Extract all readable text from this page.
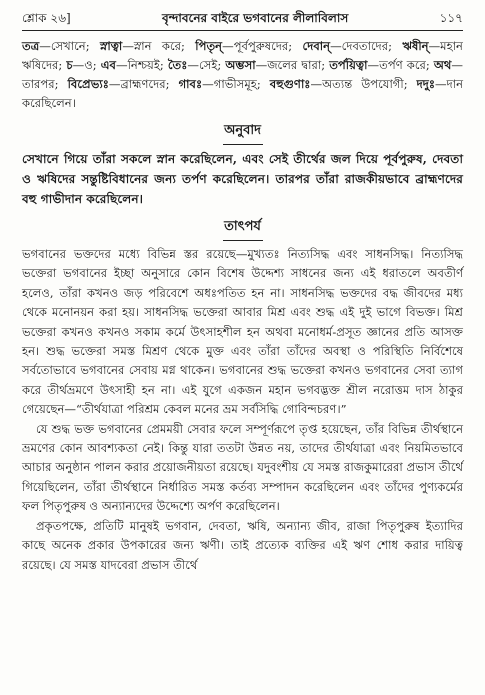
শ্লোক ২৬]	বৃন্দাবনের বাইরে ভগবানের লীলাবিলাস	১১৭

তত্র—সেখানে; স্নাত্বা—স্নান করে; পিতৃন্—পূর্বপুরুষদের; দেবান্—দেবতাদের; ঋষীন্—মহান ঋষিদের; চ—ও; এব—নিশ্চয়ই; তৈঃ—সেই; অম্ভসা—জলের দ্বারা; তর্পয়িত্বা—তর্পণ করে; অথ—তারপর; বিপ্রেভ্যঃ—ব্রাহ্মণদের; গাবঃ—গাভীসমূহ; বহুগুণাঃ—অত্যন্ত উপযোগী; দদুঃ—দান করেছিলেন।

অনুবাদ

সেখানে গিয়ে তাঁরা সকলে স্নান করেছিলেন, এবং সেই তীর্থের জল দিয়ে পূর্বপুরুষ, দেবতা ও ঋষিদের সন্তুষ্টিবিধানের জন্য তর্পণ করেছিলেন। তারপর তাঁরা রাজকীয়ভাবে ব্রাহ্মণদের বহু গাভীদান করেছিলেন।

তাৎপর্য

ভগবানের ভক্তদের মধ্যে বিভিন্ন স্তর রয়েছে—মুখ্যতঃ নিত্যসিদ্ধ এবং সাধনসিদ্ধ। নিত্যসিদ্ধ ভক্তেরা ভগবানের ইচ্ছা অনুসারে কোন বিশেষ উদ্দেশ্য সাধনের জন্য এই ধরাতলে অবতীর্ণ হলেও, তাঁরা কখনও জড় পরিবেশে অধঃপতিত হন না। সাধনসিদ্ধ ভক্তদের বদ্ধ জীবদের মধ্য থেকে মনোনয়ন করা হয়। সাধনসিদ্ধ ভক্তেরা আবার মিশ্র এবং শুদ্ধ এই দুই ভাগে বিভক্ত। মিশ্র ভক্তেরা কখনও কখনও সকাম কর্মে উৎসাহশীল হন অথবা মনোধর্ম-প্রসূত জ্ঞানের প্রতি আসক্ত হন। শুদ্ধ ভক্তেরা সমস্ত মিশ্রণ থেকে মুক্ত এবং তাঁরা তাঁদের অবস্থা ও পরিস্থিতি নির্বিশেষে সর্বতোভাবে ভগবানের সেবায় মগ্ন থাকেন। ভগবানের শুদ্ধ ভক্তেরা কখনও ভগবানের সেবা ত্যাগ করে তীর্থভ্রমণে উৎসাহী হন না। এই যুগে একজন মহান ভগবদ্ভক্ত শ্রীল নরোত্তম দাস ঠাকুর গেয়েছেন—“তীর্থযাত্রা পরিশ্রম কেবল মনের ভ্রম সর্বসিদ্ধি গোবিন্দচরণ।”

যে শুদ্ধ ভক্ত ভগবানের প্রেমময়ী সেবার ফলে সম্পূর্ণরূপে তৃপ্ত হয়েছেন, তাঁর বিভিন্ন তীর্থস্থানে ভ্রমণের কোন আবশ্যকতা নেই। কিন্তু যারা ততটা উন্নত নয়, তাদের তীর্থযাত্রা এবং নিয়মিতভাবে আচার অনুষ্ঠান পালন করার প্রয়োজনীয়তা রয়েছে। যদুবংশীয় যে সমস্ত রাজকুমারেরা প্রভাস তীর্থে গিয়েছিলেন, তাঁরা তীর্থস্থানে নির্ধারিত সমস্ত কর্তব্য সম্পাদন করেছিলেন এবং তাঁদের পুণ্যকর্মের ফল পিতৃপুরুষ ও অন্যান্যদের উদ্দেশ্যে অর্পণ করেছিলেন।

প্রকৃতপক্ষে, প্রতিটি মানুষই ভগবান, দেবতা, ঋষি, অন্যান্য জীব, রাজা পিতৃপুরুষ ইত্যাদির কাছে অনেক প্রকার উপকারের জন্য ঋণী। তাই প্রত্যেক ব্যক্তির এই ঋণ শোধ করার দায়িত্ব রয়েছে। যে সমস্ত যাদবেরা প্রভাস তীর্থে
